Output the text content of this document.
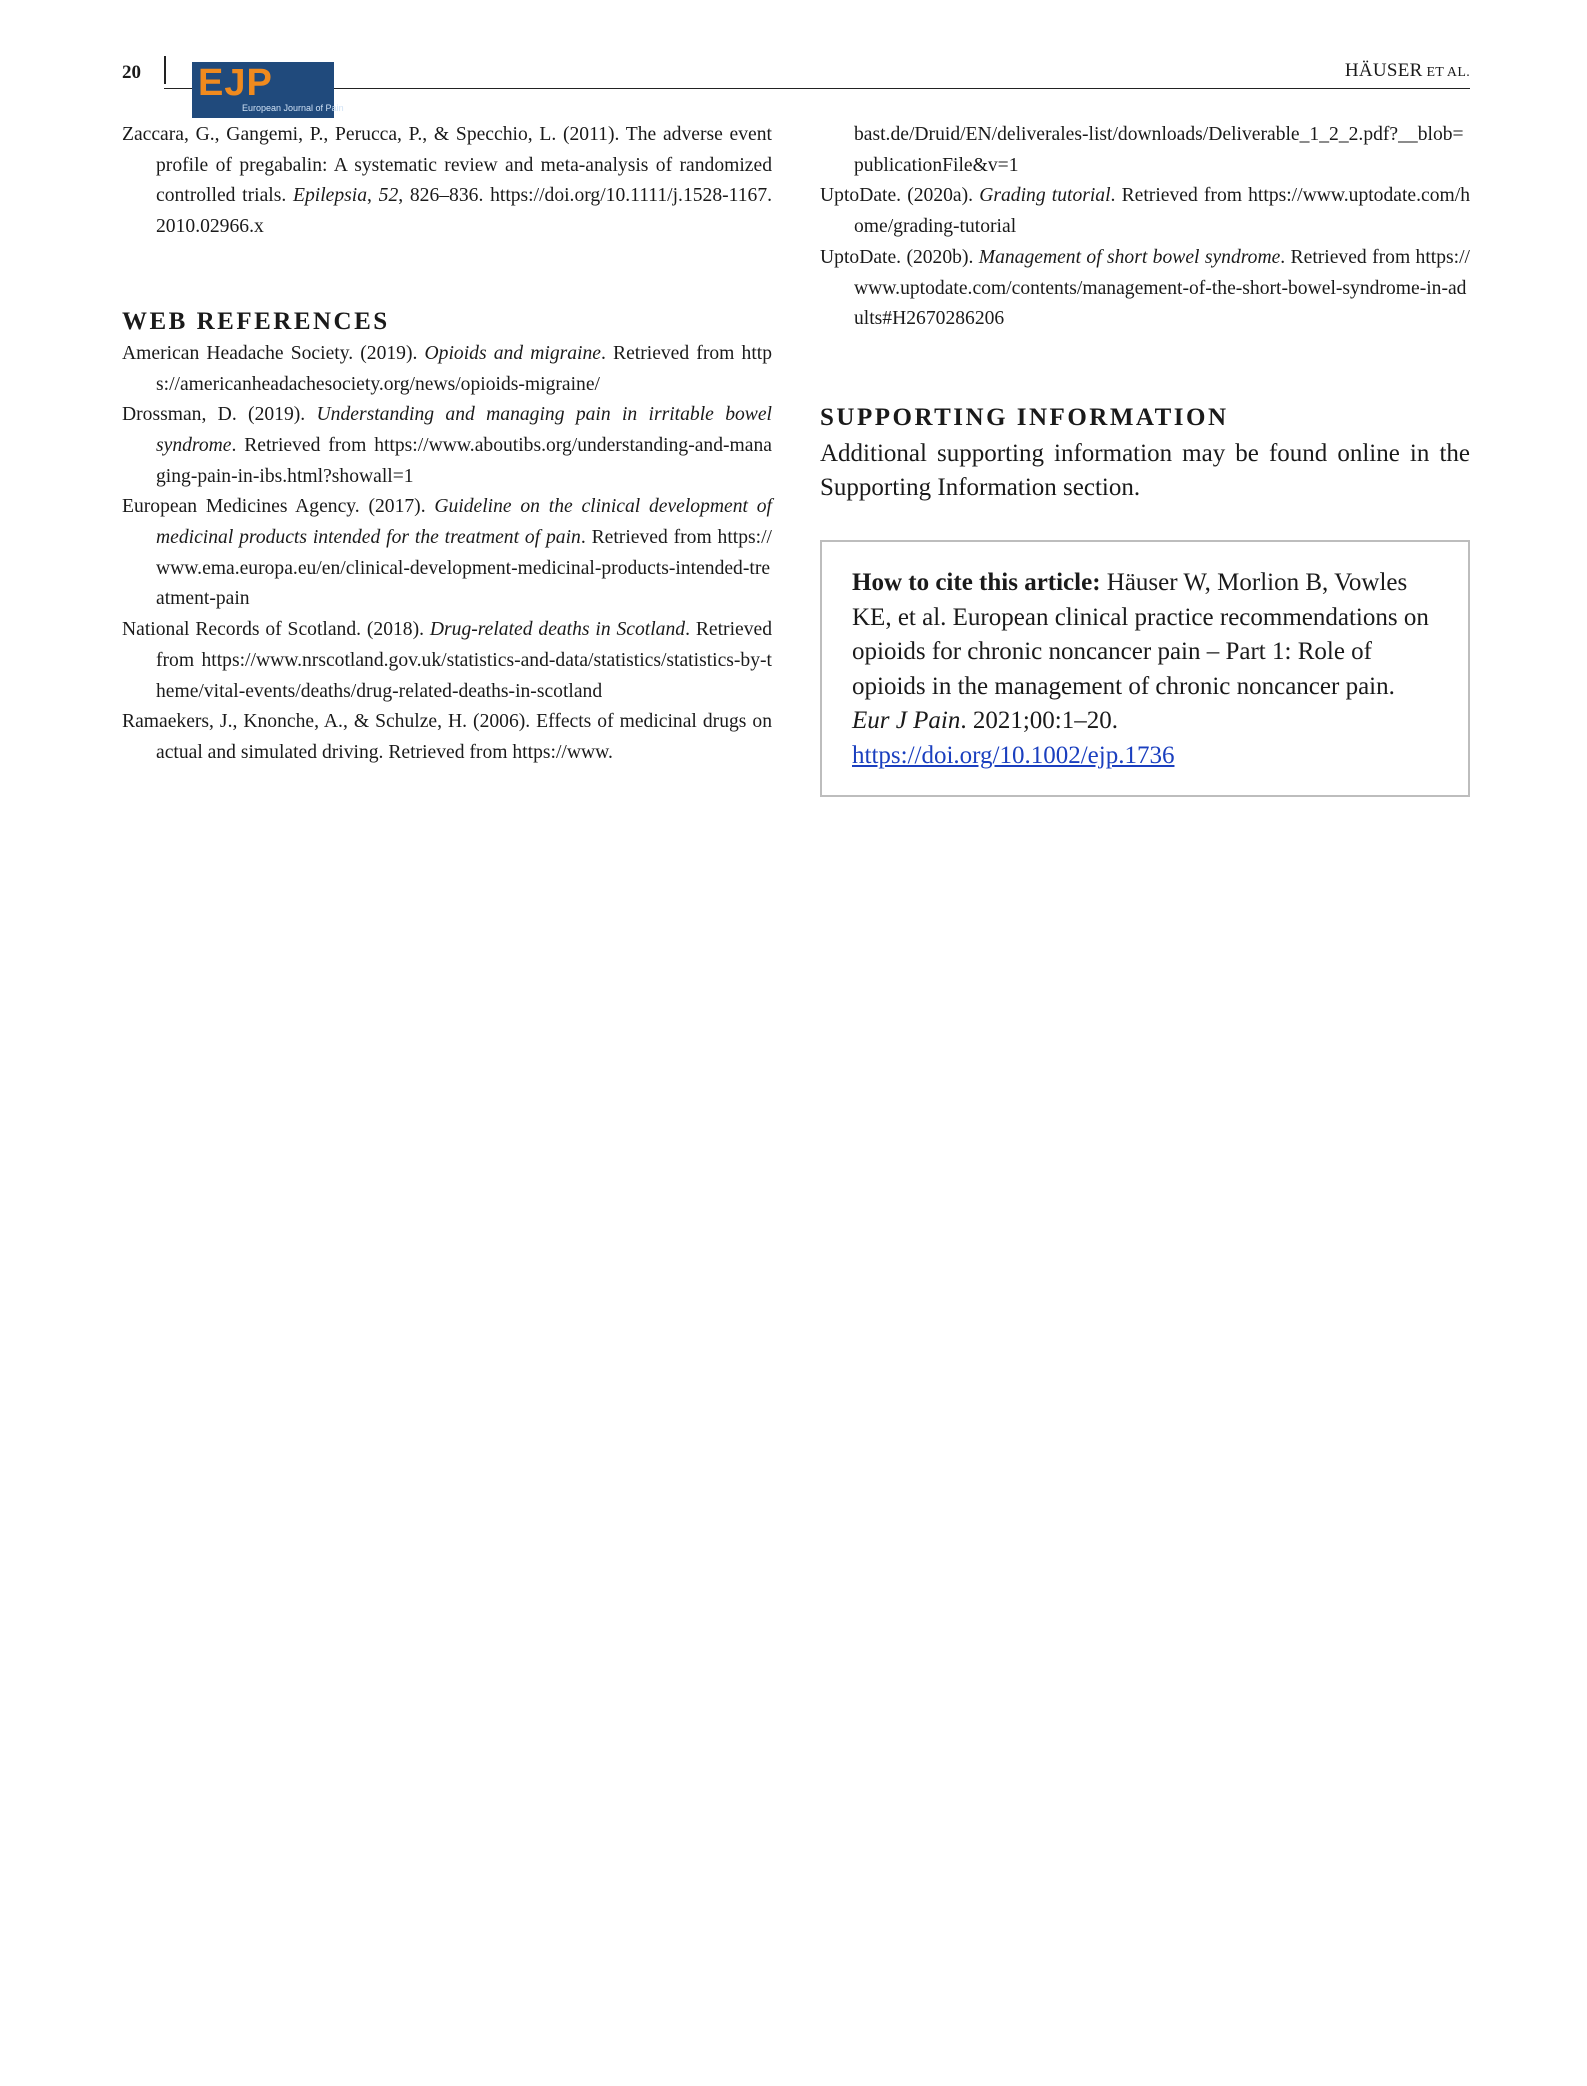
20 EJP
European Journal of Pain
HÄUSER ET AL.

Zaccara, G., Gangemi, P., Perucca, P., & Specchio, L. (2011). The adverse event profile of pregabalin: A systematic review and meta-analysis of randomized controlled trials. Epilepsia, 52, 826–836. https://doi.org/10.1111/j.1528-1167.2010.02966.x

WEB REFERENCES

American Headache Society. (2019). Opioids and migraine. Retrieved from https://americanheadachesociety.org/news/opioids-migraine/

Drossman, D. (2019). Understanding and managing pain in irritable bowel syndrome. Retrieved from https://www.aboutibs.org/understanding-and-managing-pain-in-ibs.html?showall=1

European Medicines Agency. (2017). Guideline on the clinical development of medicinal products intended for the treatment of pain. Retrieved from https://www.ema.europa.eu/en/clinical-development-medicinal-products-intended-treatment-pain

National Records of Scotland. (2018). Drug-related deaths in Scotland. Retrieved from https://www.nrscotland.gov.uk/statistics-and-data/statistics/statistics-by-theme/vital-events/deaths/drug-related-deaths-in-scotland

Ramaekers, J., Knonche, A., & Schulze, H. (2006). Effects of medicinal drugs on actual and simulated driving. Retrieved from https://www.

bast.de/Druid/EN/deliverales-list/downloads/Deliverable_1_2_2.pdf?__blob=publicationFile&v=1

UptoDate. (2020a). Grading tutorial. Retrieved from https://www.uptodate.com/home/grading-tutorial

UptoDate. (2020b). Management of short bowel syndrome. Retrieved from https://www.uptodate.com/contents/management-of-the-short-bowel-syndrome-in-adults#H2670286206

SUPPORTING INFORMATION

Additional supporting information may be found online in the Supporting Information section.

How to cite this article: Häuser W, Morlion B, Vowles KE, et al. European clinical practice recommendations on opioids for chronic noncancer pain – Part 1: Role of opioids in the management of chronic noncancer pain. Eur J Pain. 2021;00:1–20.
https://doi.org/10.1002/ejp.1736
